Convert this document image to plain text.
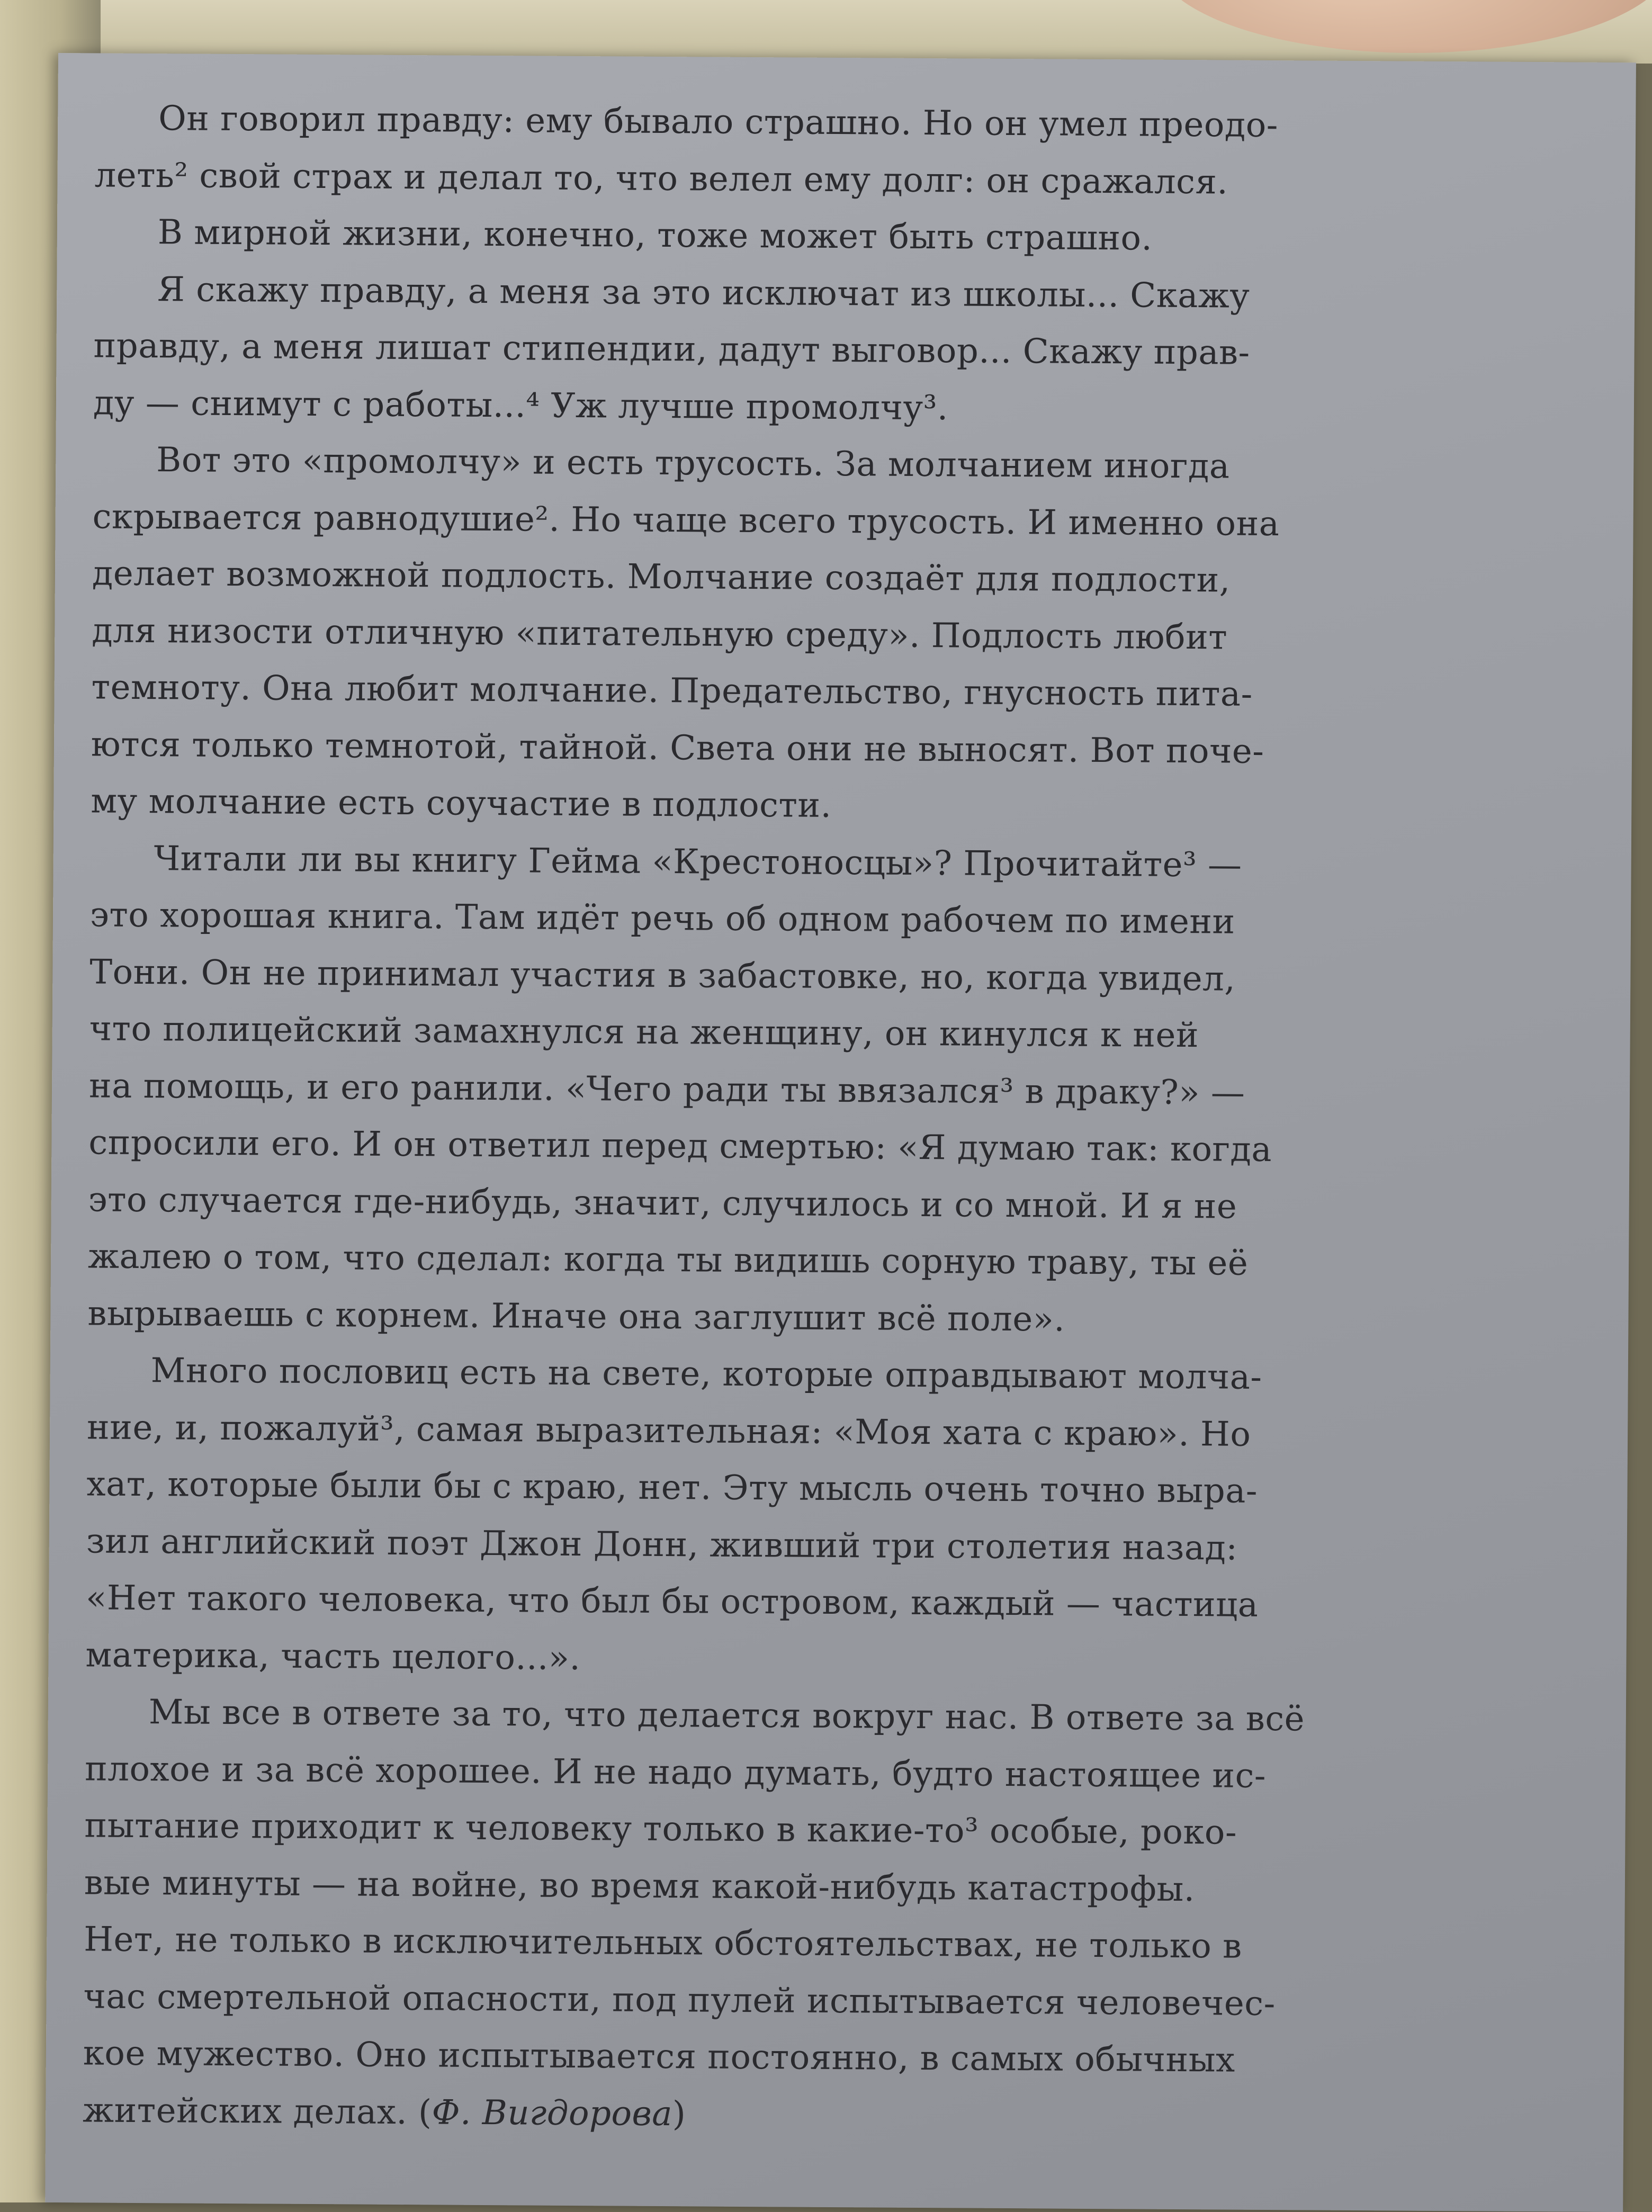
Он говорил правду: ему бывало страшно. Но он умел преодо-
леть² свой страх и делал то, что велел ему долг: он сражался.
В мирной жизни, конечно, тоже может быть страшно.
Я скажу правду, а меня за это исключат из школы... Скажу
правду, а меня лишат стипендии, дадут выговор... Скажу прав-
ду — снимут с работы...⁴ Уж лучше промолчу³.
Вот это «промолчу» и есть трусость. За молчанием иногда
скрывается равнодушие². Но чаще всего трусость. И именно она
делает возможной подлость. Молчание создаёт для подлости,
для низости отличную «питательную среду». Подлость любит
темноту. Она любит молчание. Предательство, гнусность пита-
ются только темнотой, тайной. Света они не выносят. Вот поче-
му молчание есть соучастие в подлости.
Читали ли вы книгу Гейма «Крестоносцы»? Прочитайте³ —
это хорошая книга. Там идёт речь об одном рабочем по имени
Тони. Он не принимал участия в забастовке, но, когда увидел,
что полицейский замахнулся на женщину, он кинулся к ней
на помощь, и его ранили. «Чего ради ты ввязался³ в драку?» —
спросили его. И он ответил перед смертью: «Я думаю так: когда
это случается где-нибудь, значит, случилось и со мной. И я не
жалею о том, что сделал: когда ты видишь сорную траву, ты её
вырываешь с корнем. Иначе она заглушит всё поле».
Много пословиц есть на свете, которые оправдывают молча-
ние, и, пожалуй³, самая выразительная: «Моя хата с краю». Но
хат, которые были бы с краю, нет. Эту мысль очень точно выра-
зил английский поэт Джон Донн, живший три столетия назад:
«Нет такого человека, что был бы островом, каждый — частица
материка, часть целого...».
Мы все в ответе за то, что делается вокруг нас. В ответе за всё
плохое и за всё хорошее. И не надо думать, будто настоящее ис-
пытание приходит к человеку только в какие-то³ особые, роко-
вые минуты — на войне, во время какой-нибудь катастрофы.
Нет, не только в исключительных обстоятельствах, не только в
час смертельной опасности, под пулей испытывается человечес-
кое мужество. Оно испытывается постоянно, в самых обычных
житейских делах. (Ф. Вигдорова)
